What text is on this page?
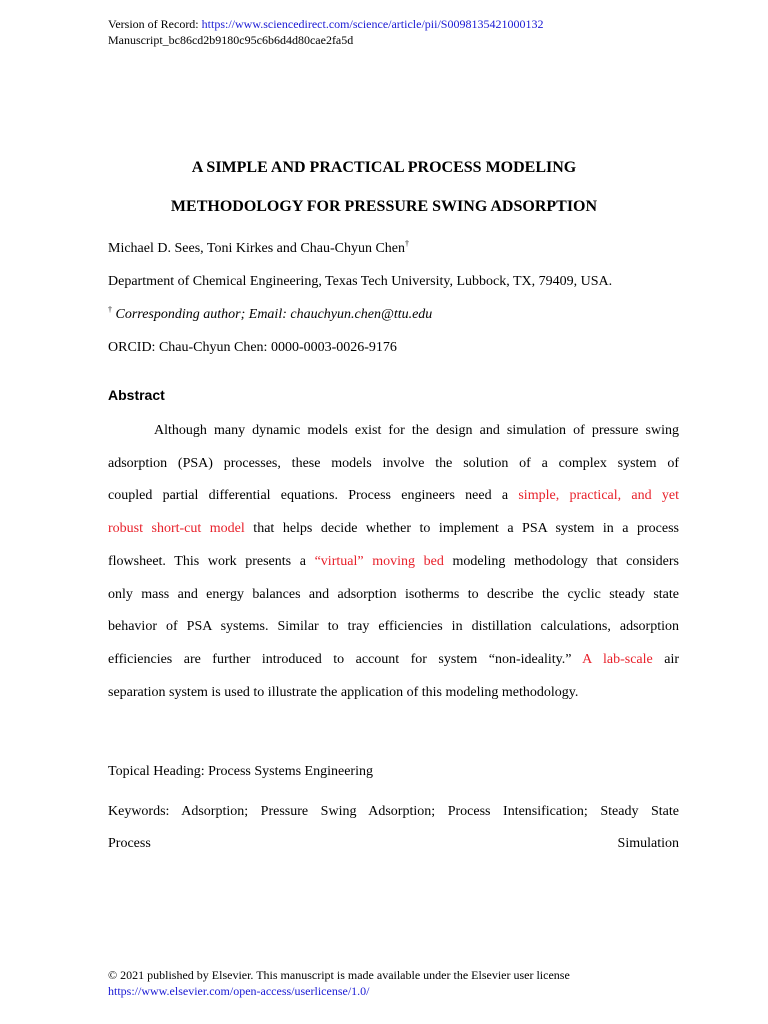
Version of Record: https://www.sciencedirect.com/science/article/pii/S0098135421000132
Manuscript_bc86cd2b9180c95c6b6d4d80cae2fa5d
A SIMPLE AND PRACTICAL PROCESS MODELING
METHODOLOGY FOR PRESSURE SWING ADSORPTION
Michael D. Sees, Toni Kirkes and Chau-Chyun Chen†
Department of Chemical Engineering, Texas Tech University, Lubbock, TX, 79409, USA.
† Corresponding author; Email: chauchyun.chen@ttu.edu
ORCID: Chau-Chyun Chen: 0000-0003-0026-9176
Abstract
Although many dynamic models exist for the design and simulation of pressure swing
adsorption (PSA) processes, these models involve the solution of a complex system of
coupled partial differential equations. Process engineers need a simple, practical, and yet
robust short-cut model that helps decide whether to implement a PSA system in a process
flowsheet. This work presents a “virtual” moving bed modeling methodology that considers
only mass and energy balances and adsorption isotherms to describe the cyclic steady state
behavior of PSA systems. Similar to tray efficiencies in distillation calculations, adsorption
efficiencies are further introduced to account for system “non-ideality.” A lab-scale air
separation system is used to illustrate the application of this modeling methodology.
Topical Heading: Process Systems Engineering
Keywords: Adsorption; Pressure Swing Adsorption; Process Intensification; Steady State
Process	Simulation
© 2021 published by Elsevier. This manuscript is made available under the Elsevier user license
https://www.elsevier.com/open-access/userlicense/1.0/
